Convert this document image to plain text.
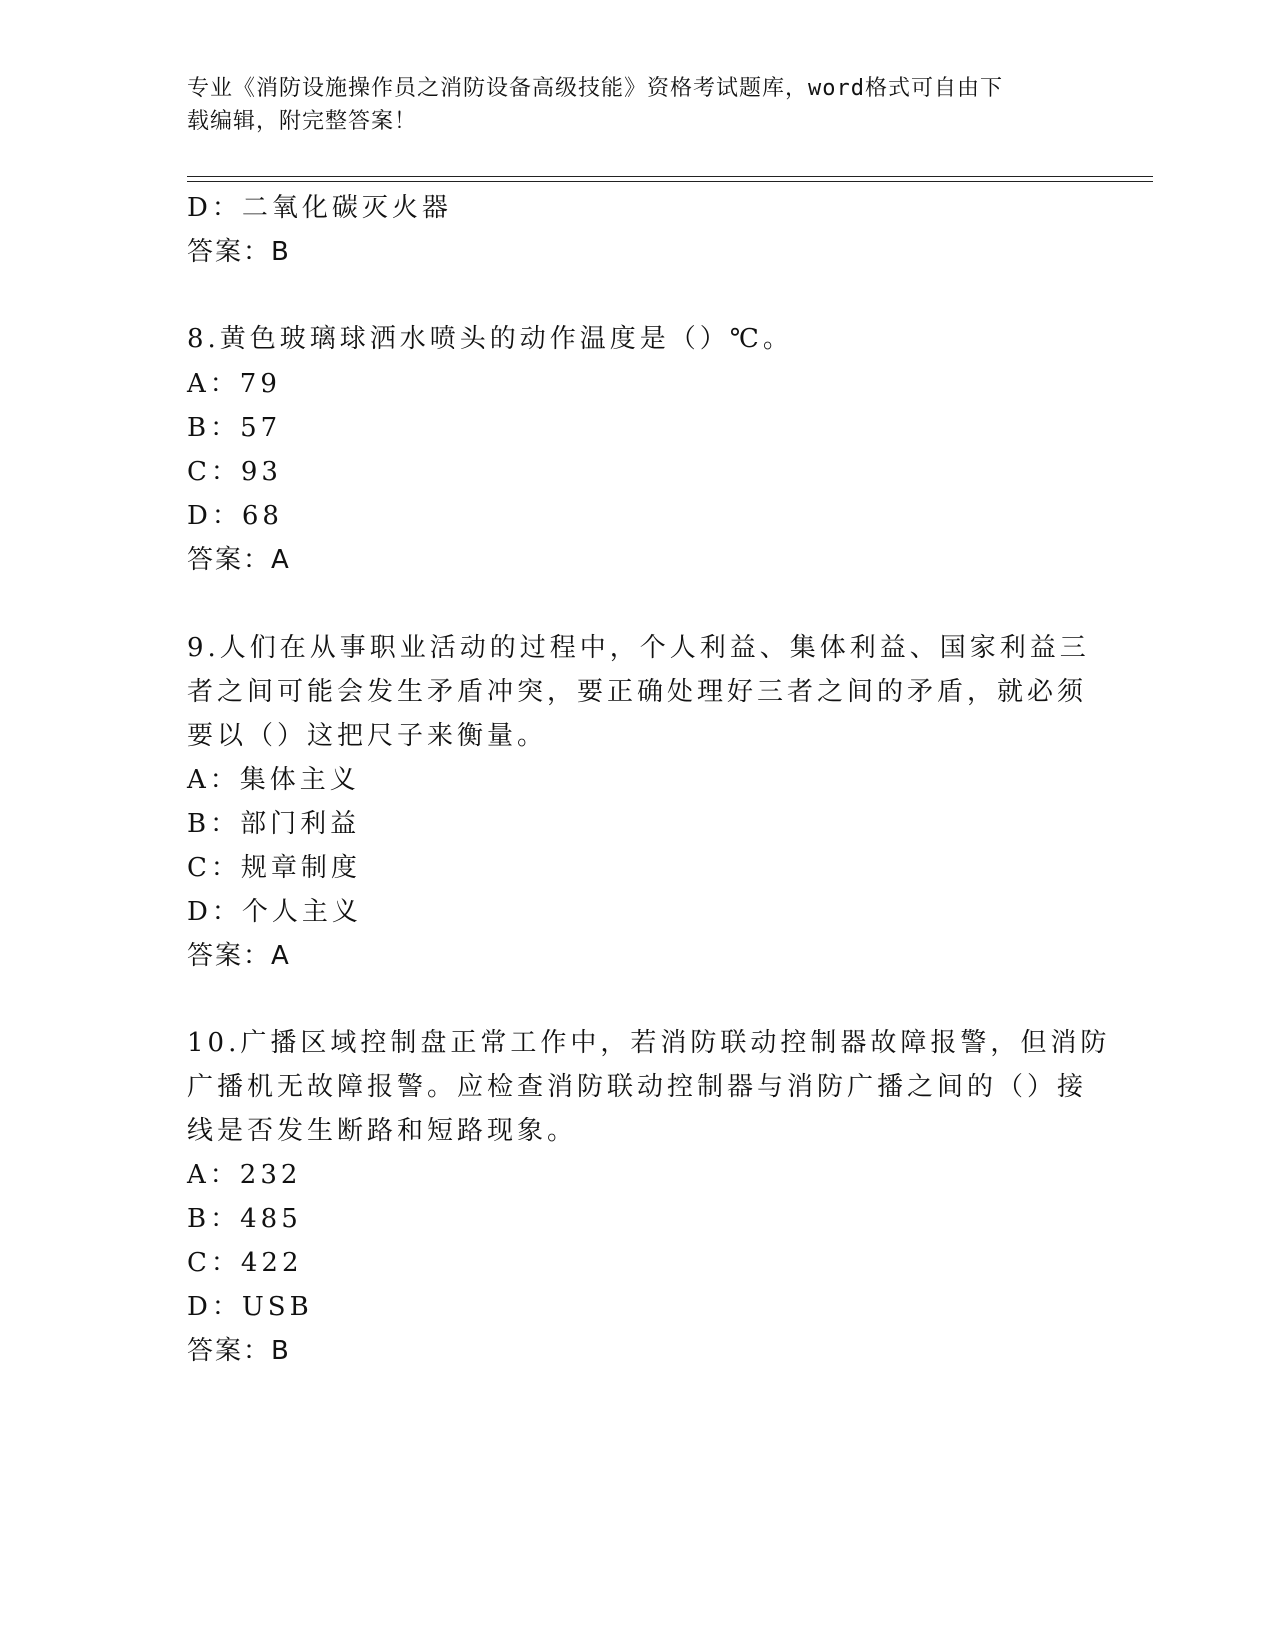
专业《消防设施操作员之消防设备高级技能》资格考试题库，word格式可自由下
载编辑，附完整答案！
D：二氧化碳灭火器
答案：B
8.黄色玻璃球洒水喷头的动作温度是（）℃。
A：79
B：57
C：93
D：68
答案：A
9.人们在从事职业活动的过程中，个人利益、集体利益、国家利益三
者之间可能会发生矛盾冲突，要正确处理好三者之间的矛盾，就必须
要以（）这把尺子来衡量。
A：集体主义
B：部门利益
C：规章制度
D：个人主义
答案：A
10.广播区域控制盘正常工作中，若消防联动控制器故障报警，但消防
广播机无故障报警。应检查消防联动控制器与消防广播之间的（）接
线是否发生断路和短路现象。
A：232
B：485
C：422
D：USB
答案：B
